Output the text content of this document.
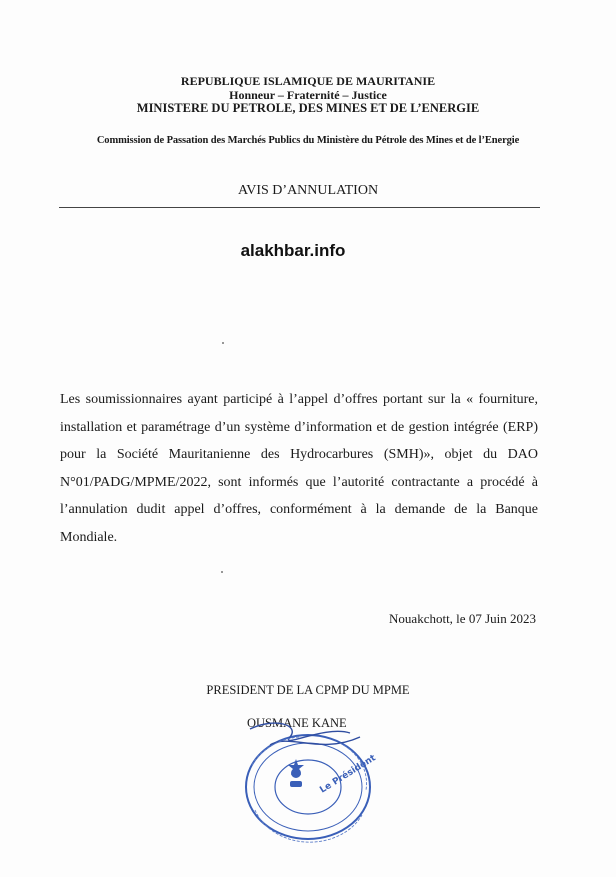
REPUBLIQUE ISLAMIQUE DE MAURITANIE
Honneur – Fraternité – Justice
MINISTERE DU PETROLE, DES MINES ET DE L’ENERGIE
Commission de Passation des Marchés Publics du Ministère du Pétrole des Mines et de l’Energie
AVIS D’ANNULATION
alakhbar.info
Les soumissionnaires ayant participé à l’appel d’offres portant sur la « fourniture, installation et paramétrage d’un système d’information et de gestion intégrée (ERP) pour la Société Mauritanienne des Hydrocarbures (SMH)», objet du DAO N°01/PADG/MPME/2022, sont informés que l’autorité contractante a procédé à l’annulation dudit appel d’offres, conformément à la demande de la Banque Mondiale.
Nouakchott, le 07 Juin 2023
PRESIDENT DE LA CPMP DU MPME
OUSMANE KANE
Le Président
